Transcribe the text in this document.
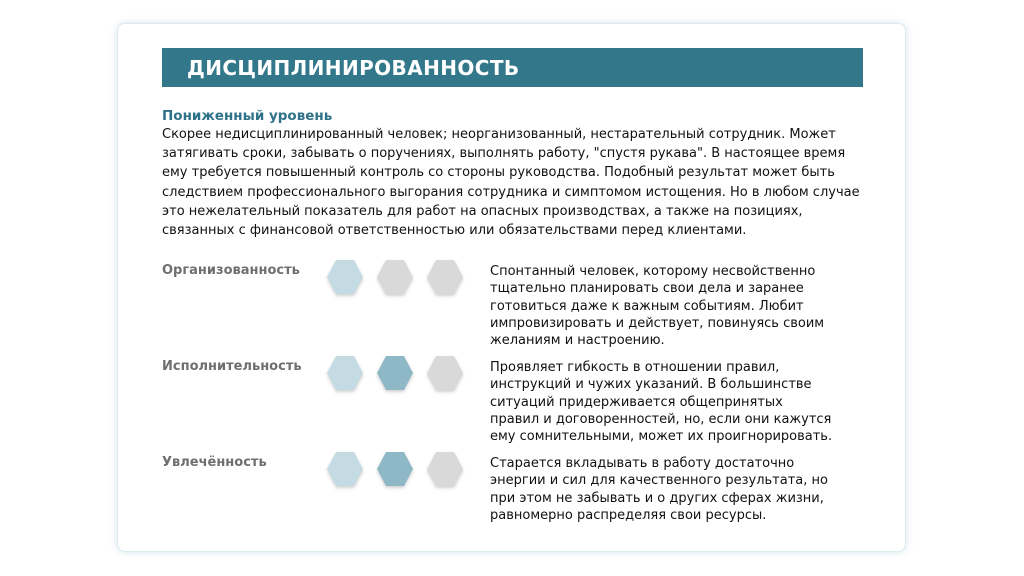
ДИСЦИПЛИНИРОВАННОСТЬ
Пониженный уровень
Скорее недисциплинированный человек; неорганизованный, нестарательный сотрудник. Может затягивать сроки, забывать о поручениях, выполнять работу, "спустя рукава". В настоящее время ему требуется повышенный контроль со стороны руководства. Подобный результат может быть следствием профессионального выгорания сотрудника и симптомом истощения. Но в любом случае это нежелательный показатель для работ на опасных производствах, а также на позициях, связанных с финансовой ответственностью или обязательствами перед клиентами.
Организованность	Спонтанный человек, которому несвойственно тщательно планировать свои дела и заранее готовиться даже к важным событиям. Любит импровизировать и действует, повинуясь своим желаниям и настроению.
Исполнительность	Проявляет гибкость в отношении правил, инструкций и чужих указаний. В большинстве ситуаций придерживается общепринятых правил и договоренностей, но, если они кажутся ему сомнительными, может их проигнорировать.
Увлечённость	Старается вкладывать в работу достаточно энергии и сил для качественного результата, но при этом не забывать и о других сферах жизни, равномерно распределяя свои ресурсы.
